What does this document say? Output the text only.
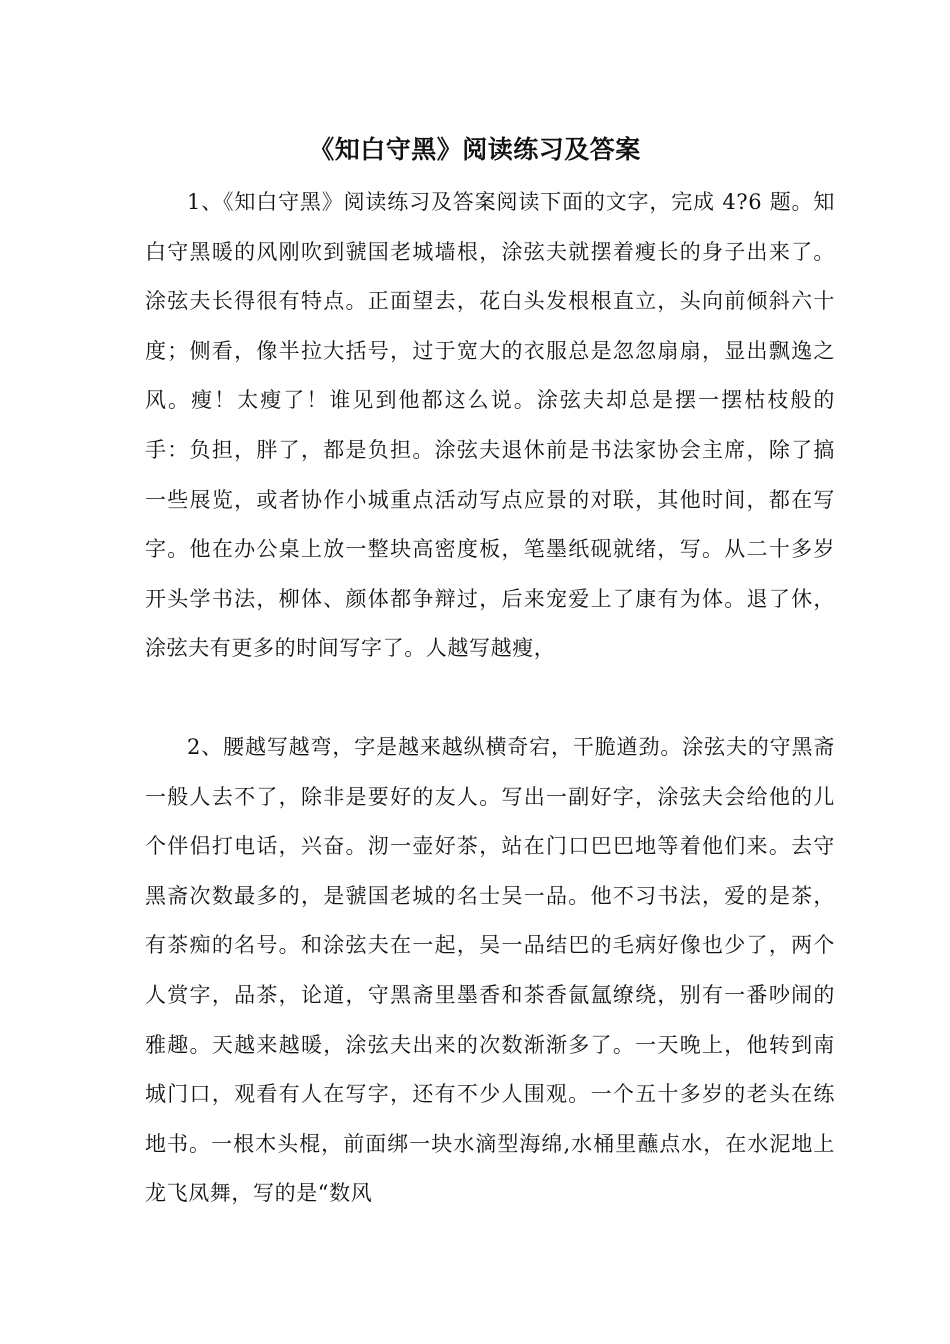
《知白守黑》阅读练习及答案

1、《知白守黑》阅读练习及答案阅读下面的文字，完成 4?6 题。知白守黑暖的风刚吹到虢国老城墙根，涂弦夫就摆着瘦长的身子出来了。涂弦夫长得很有特点。正面望去，花白头发根根直立，头向前倾斜六十度；侧看，像半拉大括号，过于宽大的衣服总是忽忽扇扇，显出飘逸之风。瘦！太瘦了！谁见到他都这么说。涂弦夫却总是摆一摆枯枝般的手：负担，胖了，都是负担。涂弦夫退休前是书法家协会主席，除了搞一些展览，或者协作小城重点活动写点应景的对联，其他时间，都在写字。他在办公桌上放一整块高密度板，笔墨纸砚就绪，写。从二十多岁开头学书法，柳体、颜体都争辩过，后来宠爱上了康有为体。退了休，涂弦夫有更多的时间写字了。人越写越瘦，

2、腰越写越弯，字是越来越纵横奇宕，干脆遒劲。涂弦夫的守黑斋一般人去不了，除非是要好的友人。写出一副好字，涂弦夫会给他的儿个伴侣打电话，兴奋。沏一壶好茶，站在门口巴巴地等着他们来。去守黑斋次数最多的，是虢国老城的名士吴一品。他不习书法，爱的是茶，有茶痴的名号。和涂弦夫在一起，吴一品结巴的毛病好像也少了，两个人赏字，品茶，论道，守黑斋里墨香和茶香氤氲缭绕，别有一番吵闹的雅趣。天越来越暖，涂弦夫出来的次数渐渐多了。一天晚上，他转到南城门口，观看有人在写字，还有不少人围观。一个五十多岁的老头在练地书。一根木头棍，前面绑一块水滴型海绵,水桶里蘸点水，在水泥地上龙飞凤舞，写的是“数风
